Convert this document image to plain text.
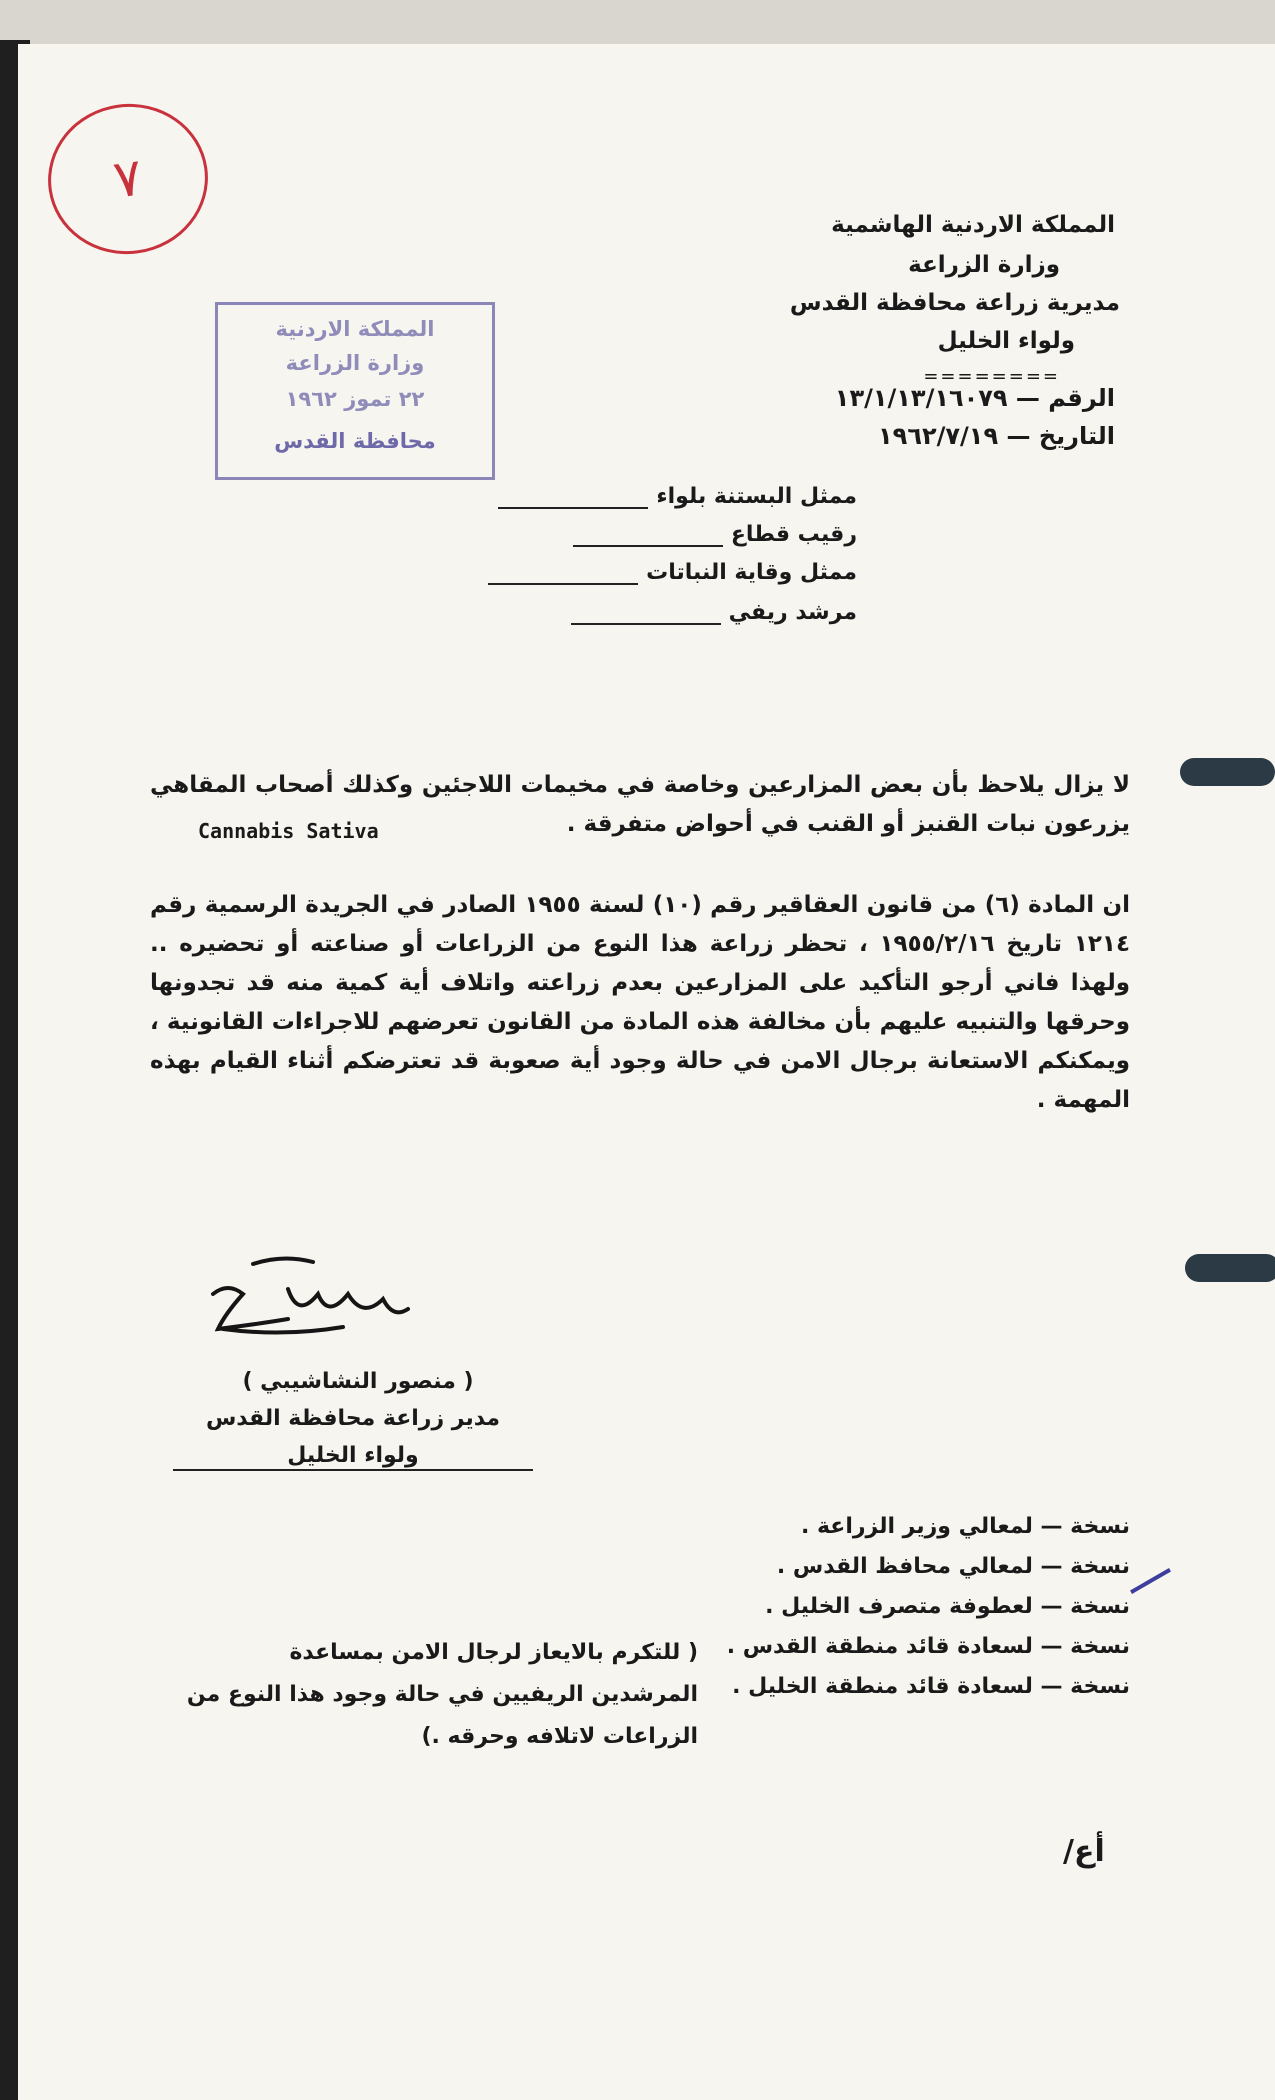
٧
المملكة الاردنية الهاشمية
وزارة الزراعة
مديرية زراعة محافظة القدس
ولواء الخليل
========
الرقم — ١٣/١/١٣/١٦٠٧٩
التاريخ — ١٩٦٢/٧/١٩
المملكة الاردنية
وزارة الزراعة
٢٢ تموز ١٩٦٢
محافظة القدس
ممثل البستنة بلواء
رقيب قطاع
ممثل وقاية النباتات
مرشد ريفي
لا يزال يلاحظ بأن بعض المزارعين وخاصة في مخيمات اللاجئين وكذلك أصحاب المقاهي يزرعون نبات القنبز أو القنب في أحواض متفرقة .
Cannabis Sativa
ان المادة (٦) من قانون العقاقير رقم (١٠) لسنة ١٩٥٥ الصادر في الجريدة الرسمية رقم ١٢١٤ تاريخ ١٩٥٥/٢/١٦ ، تحظر زراعة هذا النوع من الزراعات أو صناعته أو تحضيره .. ولهذا فاني أرجو التأكيد على المزارعين بعدم زراعته واتلاف أية كمية منه قد تجدونها وحرقها والتنبيه عليهم بأن مخالفة هذه المادة من القانون تعرضهم للاجراءات القانونية ، ويمكنكم الاستعانة برجال الامن في حالة وجود أية صعوبة قد تعترضكم أثناء القيام بهذه المهمة .
( منصور النشاشيبي )
مدير زراعة محافظة القدس
ولواء الخليل
نسخة — لمعالي وزير الزراعة .
نسخة — لمعالي محافظ القدس .
نسخة — لعطوفة متصرف الخليل .
نسخة — لسعادة قائد منطقة القدس .
نسخة — لسعادة قائد منطقة الخليل .
( للتكرم بالايعاز لرجال الامن بمساعدة المرشدين الريفيين في حالة وجود هذا النوع من الزراعات لاتلافه وحرقه .)
أع/
